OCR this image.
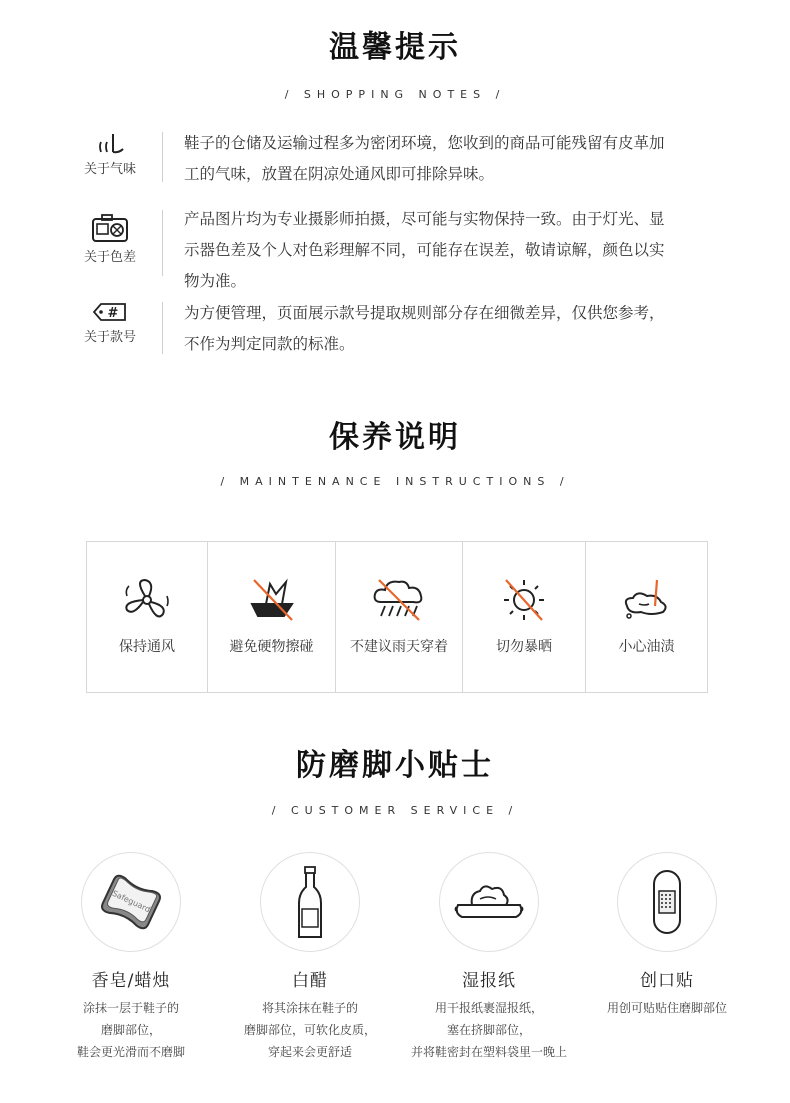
温馨提示
/ SHOPPING NOTES /
关于气味
鞋子的仓储及运输过程多为密闭环境，您收到的商品可能残留有皮革加
工的气味，放置在阴凉处通风即可排除异味。
关于色差
产品图片均为专业摄影师拍摄，尽可能与实物保持一致。由于灯光、显
示器色差及个人对色彩理解不同，可能存在误差，敬请谅解，颜色以实
物为准。
#
关于款号
为方便管理，页面展示款号提取规则部分存在细微差异，仅供您参考，
不作为判定同款的标准。
保养说明
/ MAINTENANCE INSTRUCTIONS /
保持通风	避免硬物擦碰	不建议雨天穿着	切勿暴晒	小心油渍
防磨脚小贴士
/ CUSTOMER SERVICE /
Safeguard
香皂/蜡烛
涂抹一层于鞋子的
磨脚部位，
鞋会更光滑而不磨脚
白醋
将其涂抹在鞋子的
磨脚部位，可软化皮质，
穿起来会更舒适
湿报纸
用干报纸裹湿报纸，
塞在挤脚部位，
并将鞋密封在塑料袋里一晚上
创口贴
用创可贴贴住磨脚部位
